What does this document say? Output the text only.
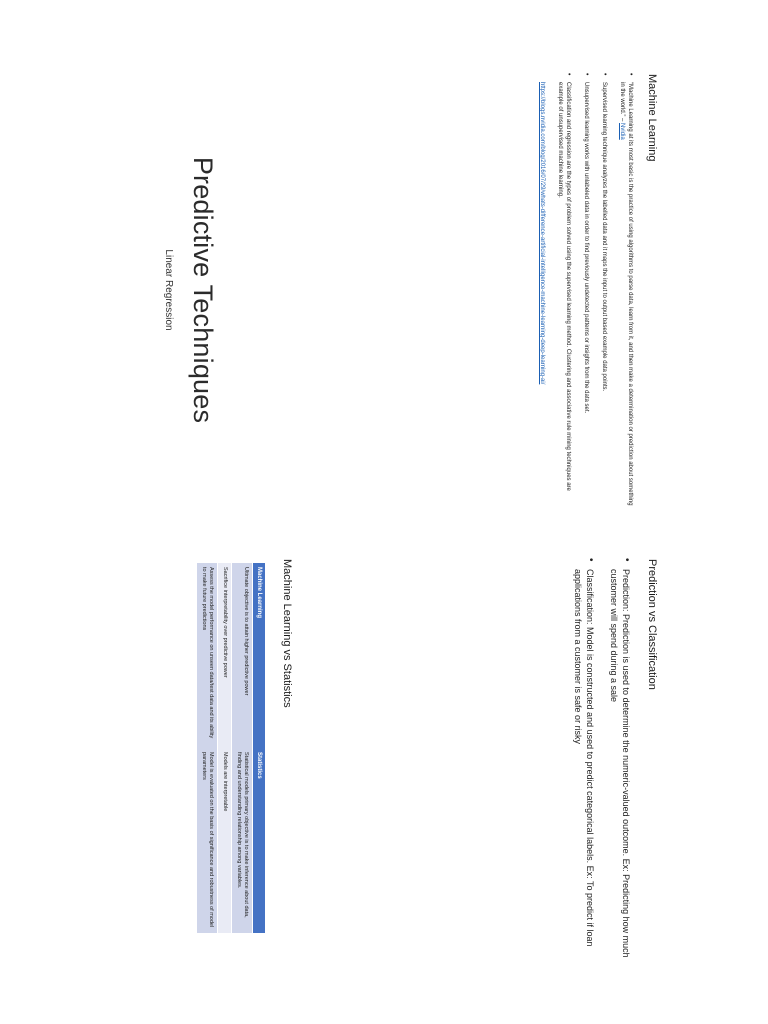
Predictive Techniques
Linear Regression
Machine Learning
• “Machine Learning at its most basic is the practice of using algorithms to parse data, learn from it, and then make a determination or prediction about something in the world.” – Nvidia
• Supervised learning technique analyzes the labelled data and it maps the input to output based example data points.
• Unsupervised learning works with unlabeled data in order to find previously undetected patterns or insights from the data set.
• Classification and regression are the types of problem solved using the supervised learning method. Clustering and associative rule mining techniques are example of unsupervised machine learning.
https://blogs.nvidia.com/blog/2016/07/29/whats-difference-artificial-intelligence-machine-learning-deep-learning-ai/
Prediction vs Classification
• Prediction: Prediction is used to determine the numeric-valued outcome. Ex: Predicting how much customer will spend during a sale
• Classification: Model is constructed and used to predict categorical labels. Ex: To predict if loan applications from a customer is safe or risky
Machine Learning vs Statistics
Machine Learning	Statistics
Ultimate objective is to attain higher predictive power	Statistical models primary objective is to make inference about data, finding and understanding relationship among variables.
Sacrifice interpretability over predictive power	Models are interpretable
Assess the model performance on unseen data/test data and its ability to make future predictions	Model is evaluated on the basis of significance and robustness of model parameters
